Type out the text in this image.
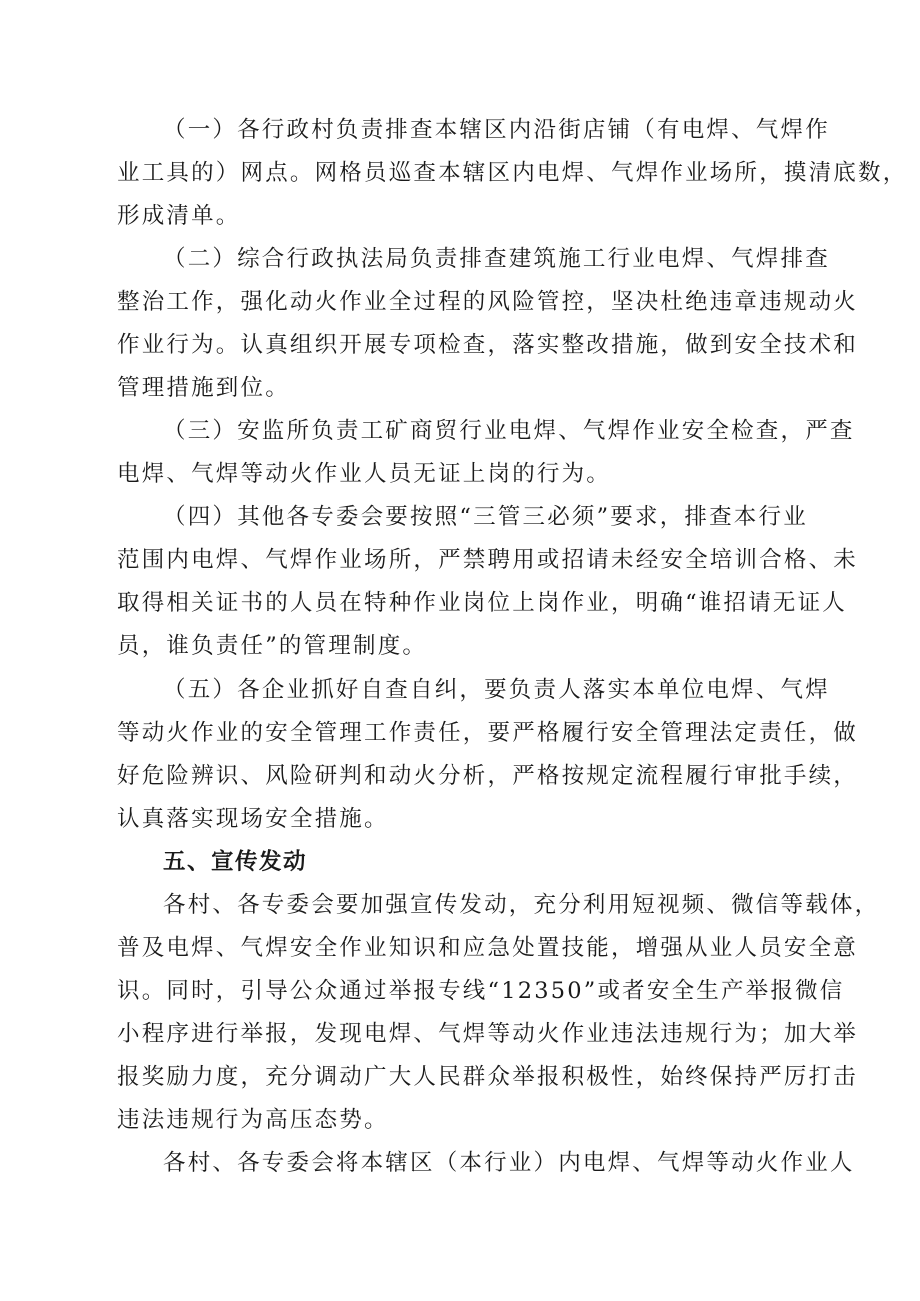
（一）各行政村负责排查本辖区内沿街店铺（有电焊、气焊作

业工具的）网点。网格员巡查本辖区内电焊、气焊作业场所，摸清底数，

形成清单。

（二）综合行政执法局负责排查建筑施工行业电焊、气焊排查

整治工作，强化动火作业全过程的风险管控，坚决杜绝违章违规动火

作业行为。认真组织开展专项检查，落实整改措施，做到安全技术和

管理措施到位。

（三）安监所负责工矿商贸行业电焊、气焊作业安全检查，严查

电焊、气焊等动火作业人员无证上岗的行为。

（四）其他各专委会要按照“三管三必须”要求，排查本行业

范围内电焊、气焊作业场所，严禁聘用或招请未经安全培训合格、未

取得相关证书的人员在特种作业岗位上岗作业，明确“谁招请无证人

员，谁负责任”的管理制度。

（五）各企业抓好自查自纠，要负责人落实本单位电焊、气焊

等动火作业的安全管理工作责任，要严格履行安全管理法定责任，做

好危险辨识、风险研判和动火分析，严格按规定流程履行审批手续，

认真落实现场安全措施。

五、宣传发动

各村、各专委会要加强宣传发动，充分利用短视频、微信等载体，

普及电焊、气焊安全作业知识和应急处置技能，增强从业人员安全意

识。同时，引导公众通过举报专线“12350”或者安全生产举报微信

小程序进行举报，发现电焊、气焊等动火作业违法违规行为；加大举

报奖励力度，充分调动广大人民群众举报积极性，始终保持严厉打击

违法违规行为高压态势。

各村、各专委会将本辖区（本行业）内电焊、气焊等动火作业人
